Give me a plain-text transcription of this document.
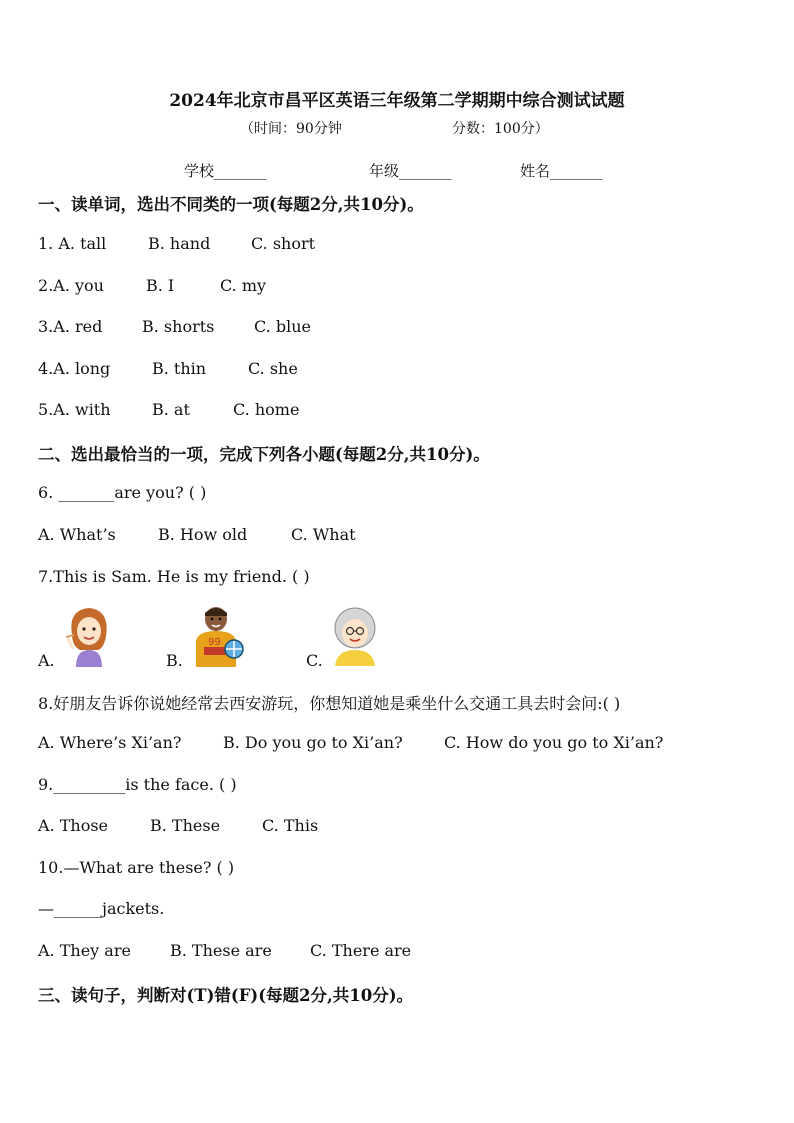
2024年北京市昌平区英语三年级第二学期期中综合测试试题
（时间：90分钟	分数：100分）
学校_______	年级_______	姓名_______
一、读单词，选出不同类的一项(每题2分,共10分)。
1. A. tall	B. hand	C. short
2.A. you	B. I	C. my
3.A. red B. shorts C. blue
4.A. long	B. thin	C. she
5.A. with	B. at	C. home
二、选出最恰当的一项，完成下列各小题(每题2分,共10分)。
6. _______are you? ( )
A. What’s	B. How old	C. What
7.This is Sam. He is my friend. ( )
A.	B.
99
C.
8.好朋友告诉你说她经常去西安游玩，你想知道她是乘坐什么交通工具去时会问:( )
A. Where’s Xi’an?	B. Do you go to Xi’an?	C. How do you go to Xi’an?
9._________is the face. ( )
A. Those	B. These	C. This
10.—What are these? ( )
—______jackets.
A. They are B. These are C. There are
三、读句子，判断对(T)错(F)(每题2分,共10分)。
